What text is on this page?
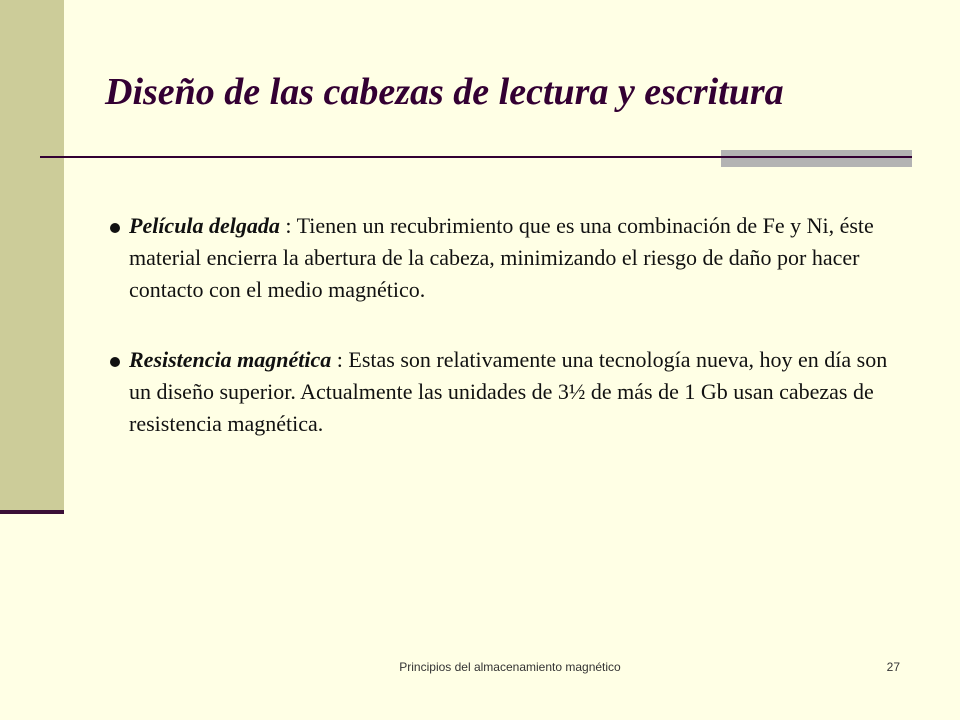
Diseño de las cabezas de lectura y escritura
Película delgada : Tienen un recubrimiento que es una combinación de Fe y Ni, éste material encierra la abertura de la cabeza, minimizando el riesgo de daño por hacer contacto con el medio magnético.
Resistencia magnética : Estas son relativamente una tecnología nueva, hoy en día son un diseño superior. Actualmente las unidades de 3½ de más de 1 Gb usan cabezas de resistencia magnética.
Principios del almacenamiento magnético	27
